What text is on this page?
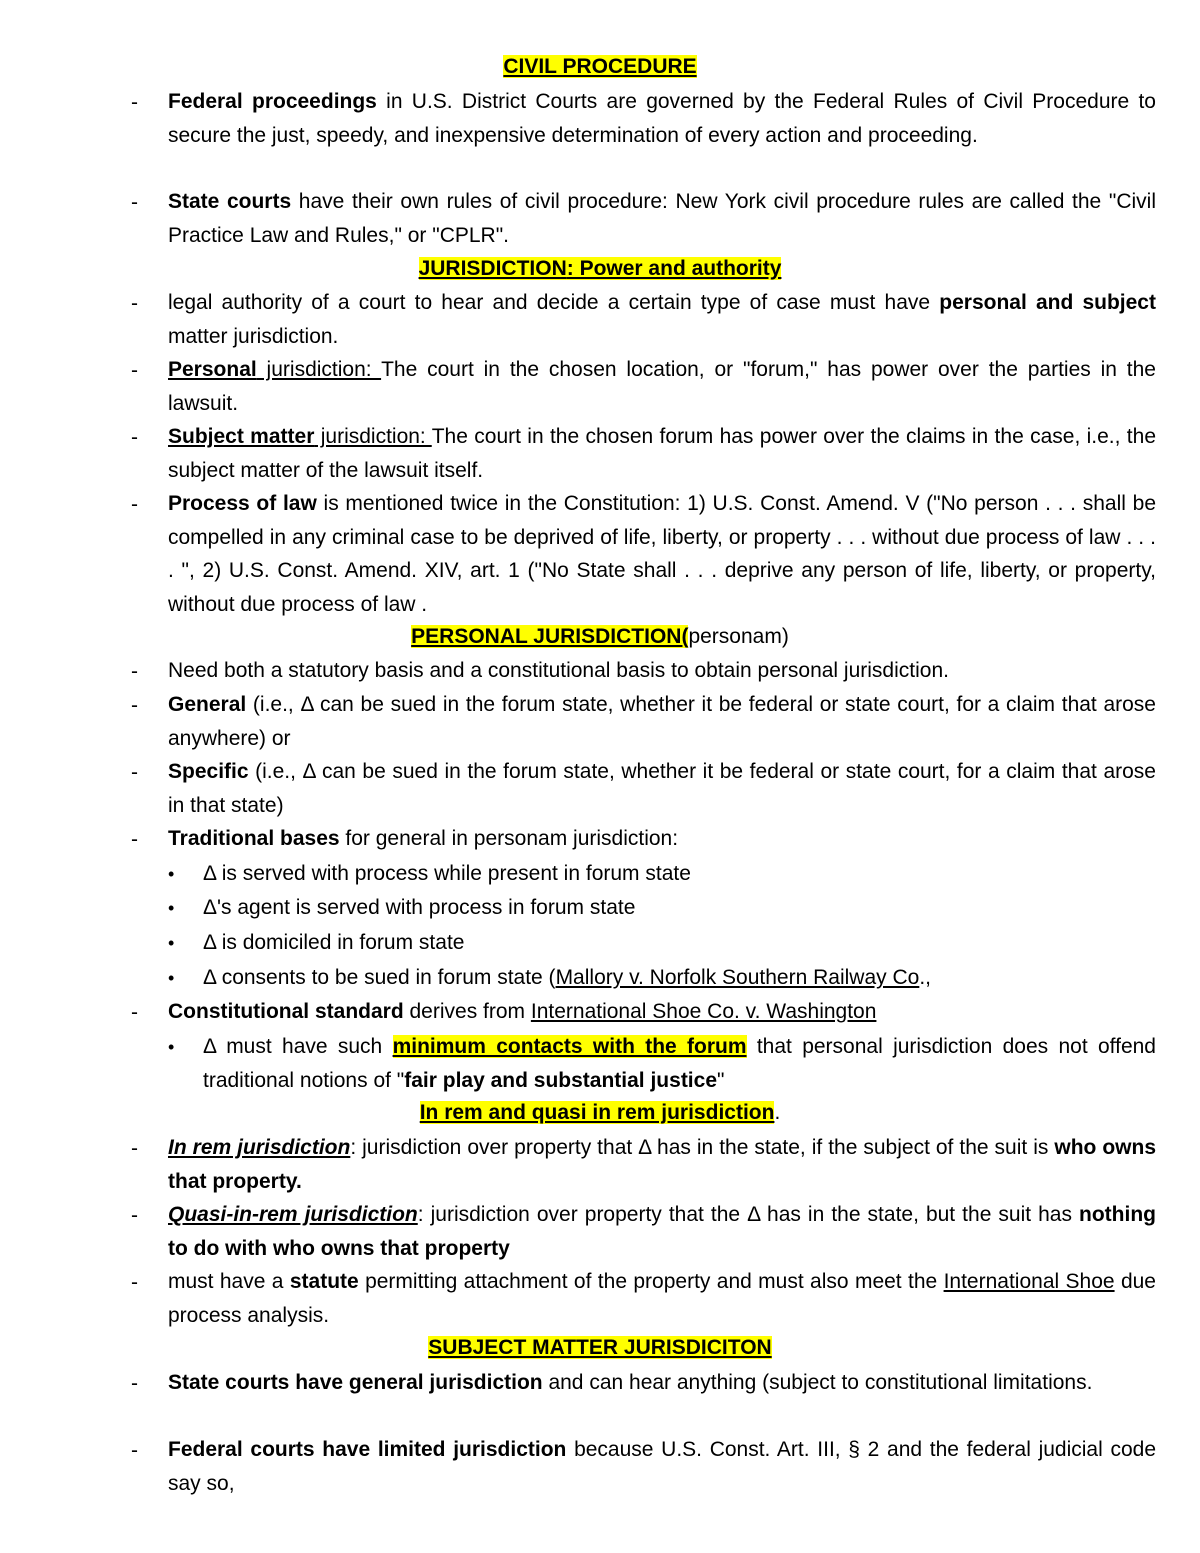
CIVIL PROCEDURE
- Federal proceedings in U.S. District Courts are governed by the Federal Rules of Civil Procedure to secure the just, speedy, and inexpensive determination of every action and proceeding.
- State courts have their own rules of civil procedure: New York civil procedure rules are called the "Civil Practice Law and Rules," or "CPLR".
JURISDICTION: Power and authority
- legal authority of a court to hear and decide a certain type of case must have personal and subject matter jurisdiction.
- Personal jurisdiction: The court in the chosen location, or "forum," has power over the parties in the lawsuit.
- Subject matter jurisdiction: The court in the chosen forum has power over the claims in the case, i.e., the subject matter of the lawsuit itself.
- Process of law is mentioned twice in the Constitution: 1) U.S. Const. Amend. V ("No person . . . shall be compelled in any criminal case to be deprived of life, liberty, or property . . . without due process of law . . . . ", 2) U.S. Const. Amend. XIV, art. 1 ("No State shall . . . deprive any person of life, liberty, or property, without due process of law .
PERSONAL JURISDICTION(personam)
- Need both a statutory basis and a constitutional basis to obtain personal jurisdiction.
- General (i.e., Δ can be sued in the forum state, whether it be federal or state court, for a claim that arose anywhere) or
- Specific (i.e., Δ can be sued in the forum state, whether it be federal or state court, for a claim that arose in that state)
- Traditional bases for general in personam jurisdiction:
• Δ is served with process while present in forum state
• Δ's agent is served with process in forum state
• Δ is domiciled in forum state
• Δ consents to be sued in forum state (Mallory v. Norfolk Southern Railway Co.,
- Constitutional standard derives from International Shoe Co. v. Washington
• Δ must have such minimum contacts with the forum that personal jurisdiction does not offend traditional notions of "fair play and substantial justice"
In rem and quasi in rem jurisdiction.
- In rem jurisdiction: jurisdiction over property that Δ has in the state, if the subject of the suit is who owns that property.
- Quasi-in-rem jurisdiction: jurisdiction over property that the Δ has in the state, but the suit has nothing to do with who owns that property
- must have a statute permitting attachment of the property and must also meet the International Shoe due process analysis.
SUBJECT MATTER JURISDICITON
- State courts have general jurisdiction and can hear anything (subject to constitutional limitations.
- Federal courts have limited jurisdiction because U.S. Const. Art. III, § 2 and the federal judicial code say so,
